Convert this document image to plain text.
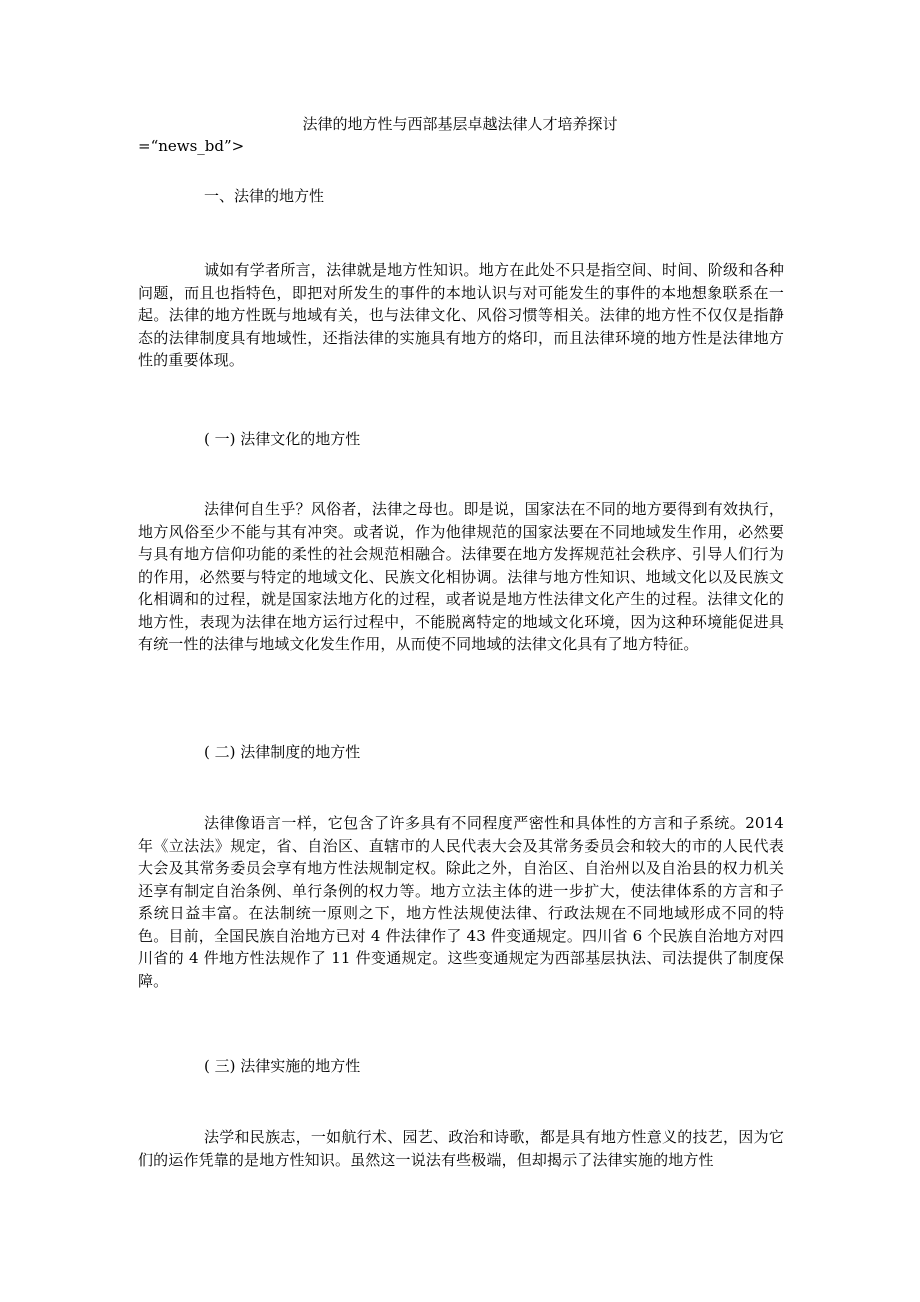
法律的地方性与西部基层卓越法律人才培养探讨
=“news_bd”>
一、法律的地方性
诚如有学者所言，法律就是地方性知识。地方在此处不只是指空间、时间、阶级和各种问题，而且也指特色，即把对所发生的事件的本地认识与对可能发生的事件的本地想象联系在一起。法律的地方性既与地域有关，也与法律文化、风俗习惯等相关。法律的地方性不仅仅是指静态的法律制度具有地域性，还指法律的实施具有地方的烙印，而且法律环境的地方性是法律地方性的重要体现。
( 一) 法律文化的地方性
法律何自生乎？风俗者，法律之母也。即是说，国家法在不同的地方要得到有效执行，地方风俗至少不能与其有冲突。或者说，作为他律规范的国家法要在不同地域发生作用，必然要与具有地方信仰功能的柔性的社会规范相融合。法律要在地方发挥规范社会秩序、引导人们行为的作用，必然要与特定的地域文化、民族文化相协调。法律与地方性知识、地域文化以及民族文化相调和的过程，就是国家法地方化的过程，或者说是地方性法律文化产生的过程。法律文化的地方性，表现为法律在地方运行过程中，不能脱离特定的地域文化环境，因为这种环境能促进具有统一性的法律与地域文化发生作用，从而使不同地域的法律文化具有了地方特征。
( 二) 法律制度的地方性
法律像语言一样，它包含了许多具有不同程度严密性和具体性的方言和子系统。2014 年《立法法》规定，省、自治区、直辖市的人民代表大会及其常务委员会和较大的市的人民代表大会及其常务委员会享有地方性法规制定权。除此之外，自治区、自治州以及自治县的权力机关还享有制定自治条例、单行条例的权力等。地方立法主体的进一步扩大，使法律体系的方言和子系统日益丰富。在法制统一原则之下，地方性法规使法律、行政法规在不同地域形成不同的特色。目前，全国民族自治地方已对 4 件法律作了 43 件变通规定。四川省 6 个民族自治地方对四川省的 4 件地方性法规作了 11 件变通规定。这些变通规定为西部基层执法、司法提供了制度保障。
( 三) 法律实施的地方性
法学和民族志，一如航行术、园艺、政治和诗歌，都是具有地方性意义的技艺，因为它们的运作凭靠的是地方性知识。虽然这一说法有些极端，但却揭示了法律实施的地方性
